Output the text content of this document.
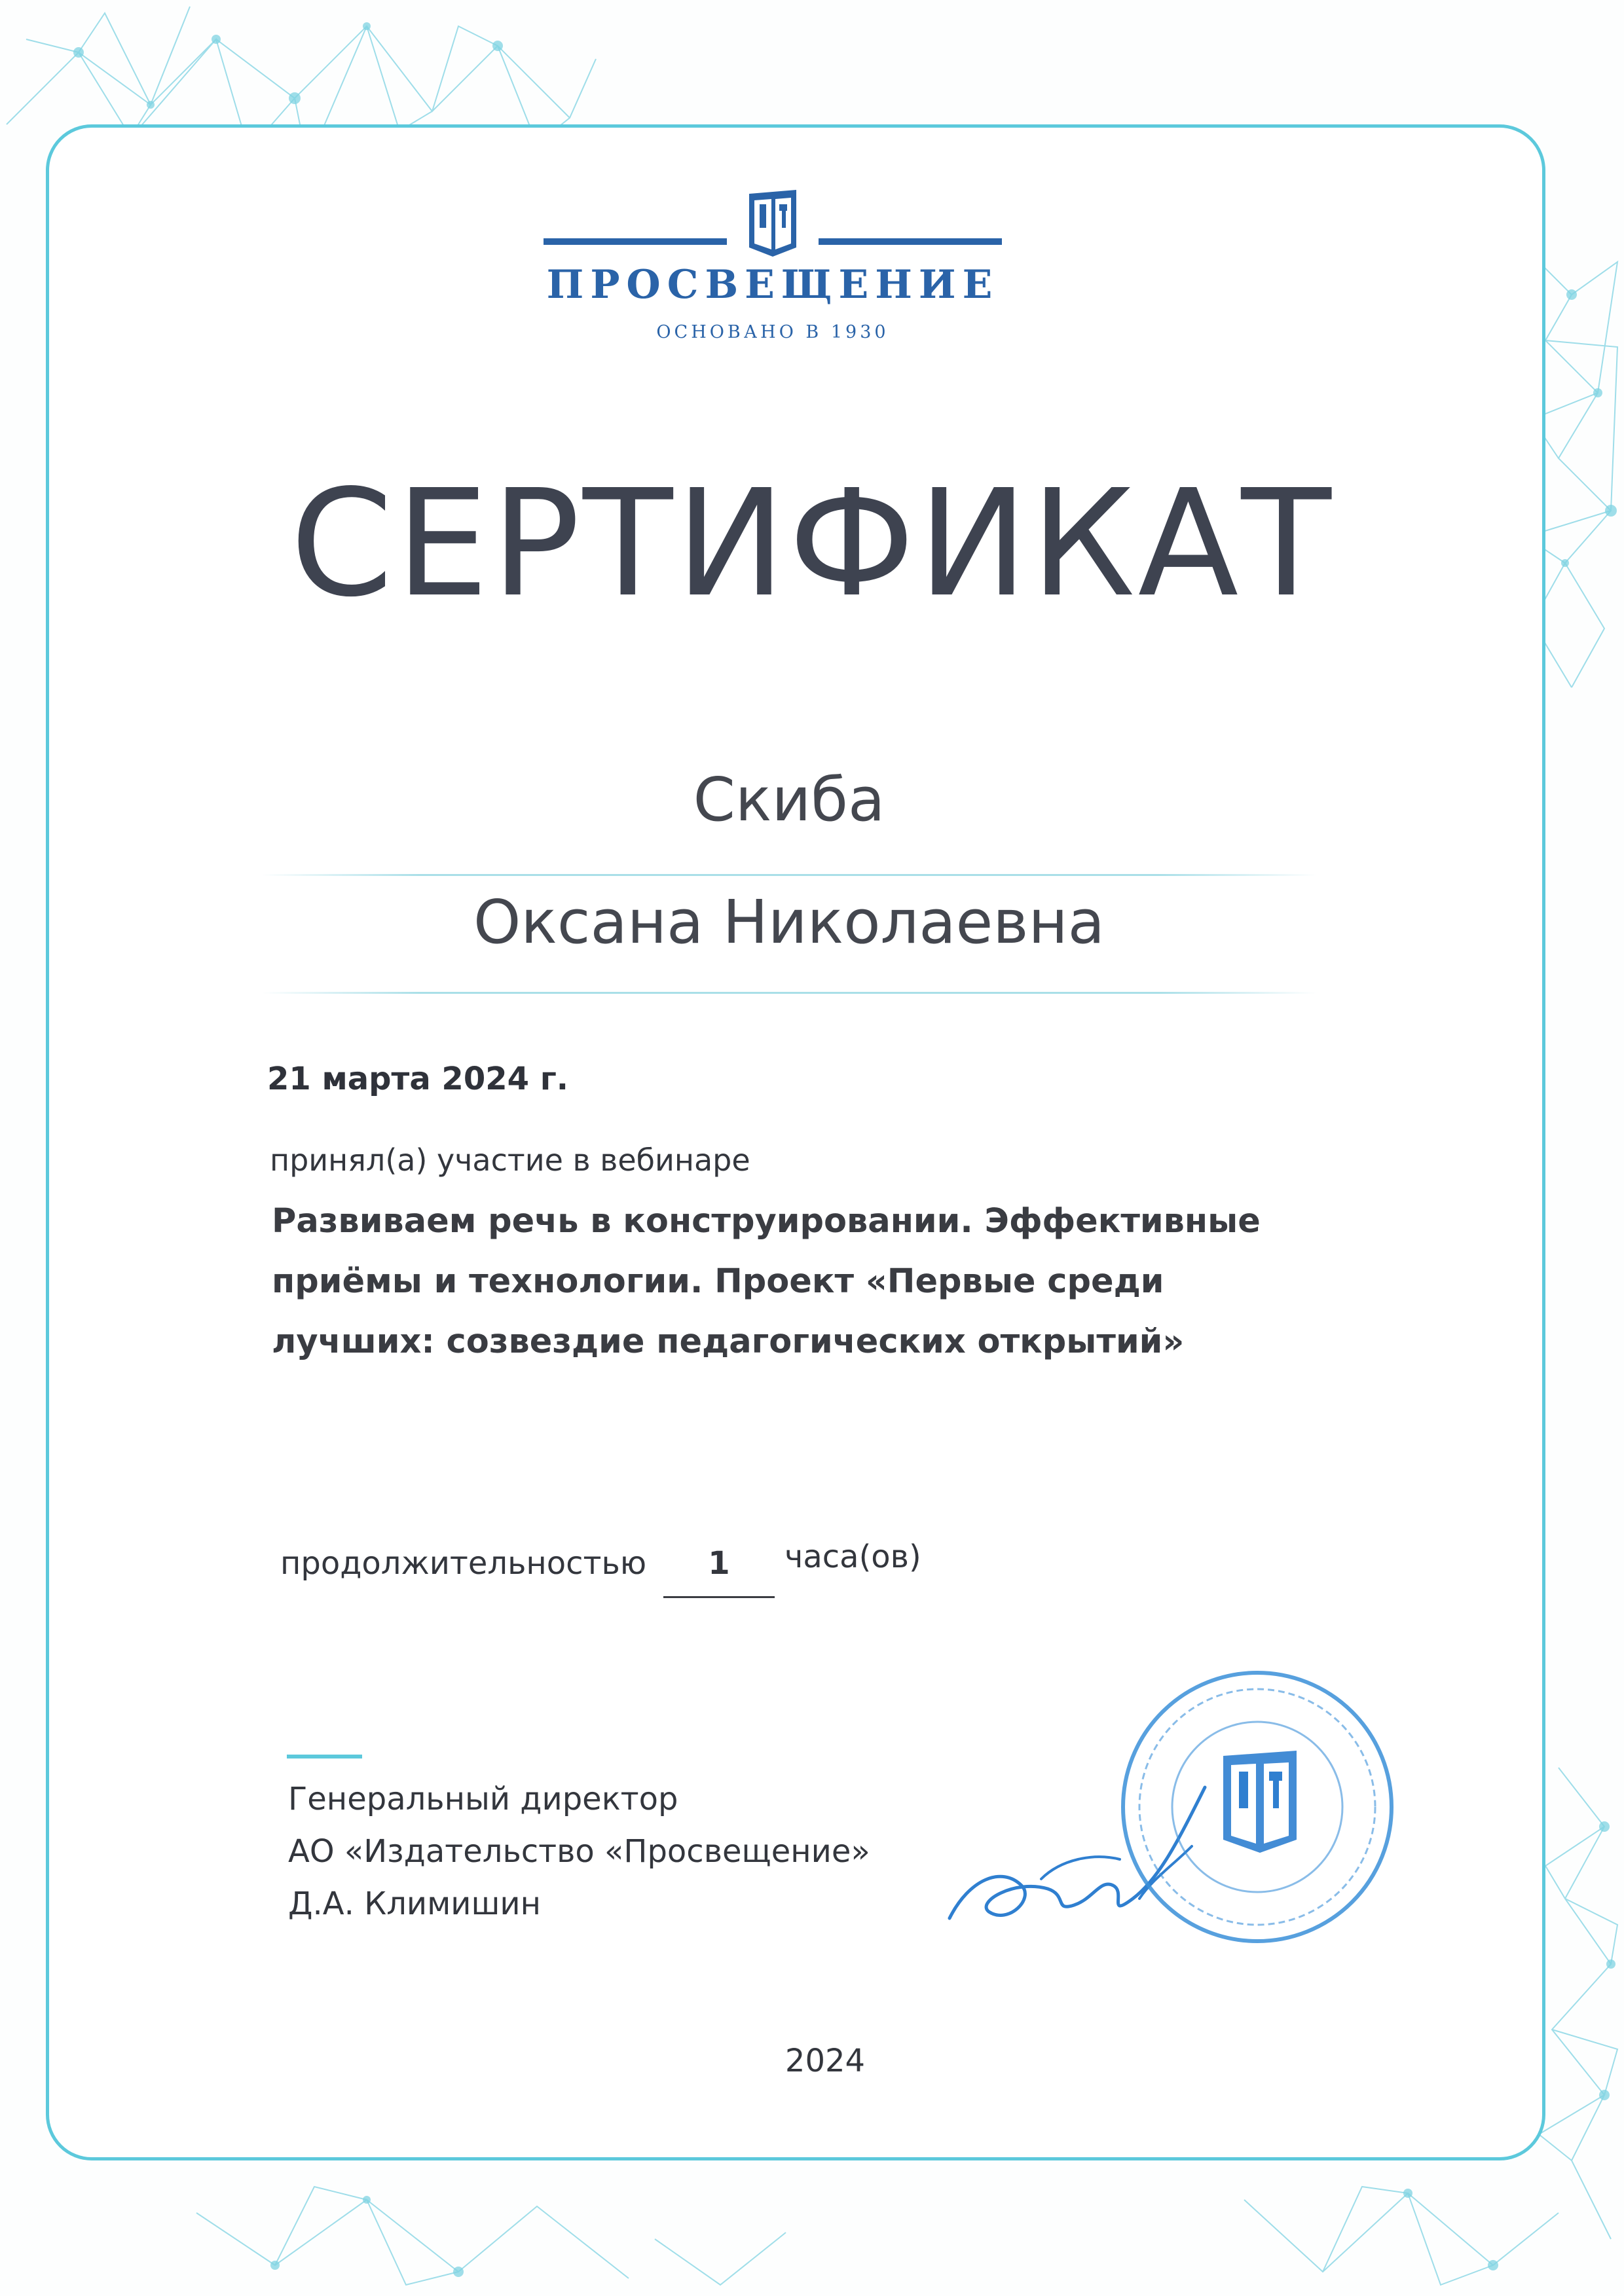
ПРОСВЕЩЕНИЕ
ОСНОВАНО В 1930
СЕРТИФИКАТ
Скиба
Оксана Николаевна
21 марта 2024 г.
принял(а) участие в вебинаре
Развиваем речь в конструировании. Эффективные
приёмы и технологии. Проект «Первые среди
лучших: созвездие педагогических открытий»
продолжительностью	1	часа(ов)
Генеральный директор
АО «Издательство «Просвещение»
Д.А. Климишин
2024
